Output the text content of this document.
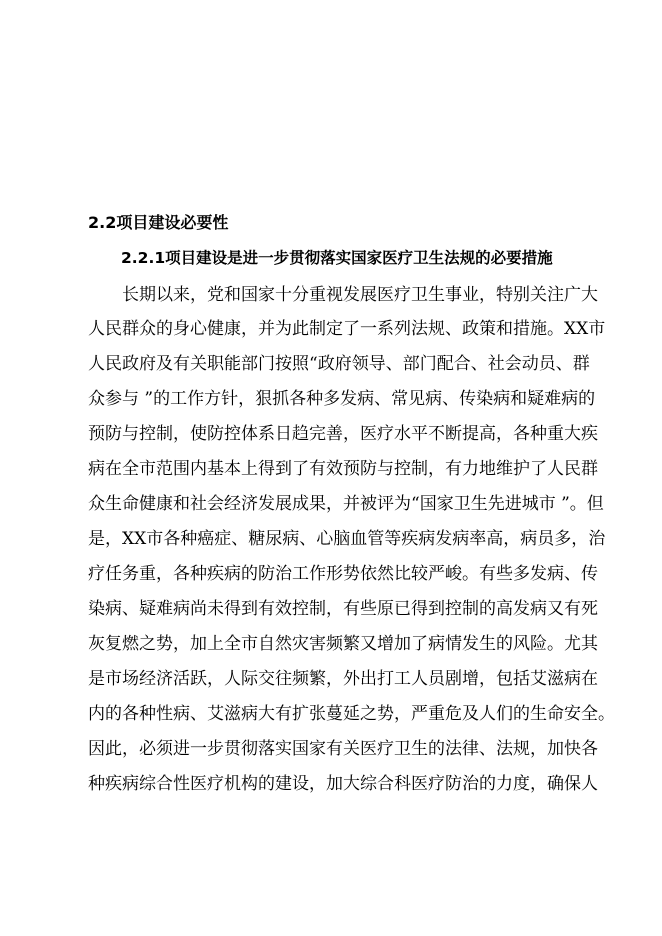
2.2项目建设必要性
2.2.1项目建设是进一步贯彻落实国家医疗卫生法规的必要措施
长期以来，党和国家十分重视发展医疗卫生事业，特别关注广大
人民群众的身心健康，并为此制定了一系列法规、政策和措施。XX市
人民政府及有关职能部门按照“政府领导、部门配合、社会动员、群
众参与 ”的工作方针，狠抓各种多发病、常见病、传染病和疑难病的
预防与控制，使防控体系日趋完善，医疗水平不断提高，各种重大疾
病在全市范围内基本上得到了有效预防与控制，有力地维护了人民群
众生命健康和社会经济发展成果，并被评为“国家卫生先进城市 ”。但
是，XX市各种癌症、糖尿病、心脑血管等疾病发病率高，病员多，治
疗任务重，各种疾病的防治工作形势依然比较严峻。有些多发病、传
染病、疑难病尚未得到有效控制，有些原已得到控制的高发病又有死
灰复燃之势，加上全市自然灾害频繁又增加了病情发生的风险。尤其
是市场经济活跃，人际交往频繁，外出打工人员剧增，包括艾滋病在
内的各种性病、艾滋病大有扩张蔓延之势，严重危及人们的生命安全。
因此，必须进一步贯彻落实国家有关医疗卫生的法律、法规，加快各
种疾病综合性医疗机构的建设，加大综合科医疗防治的力度，确保人
